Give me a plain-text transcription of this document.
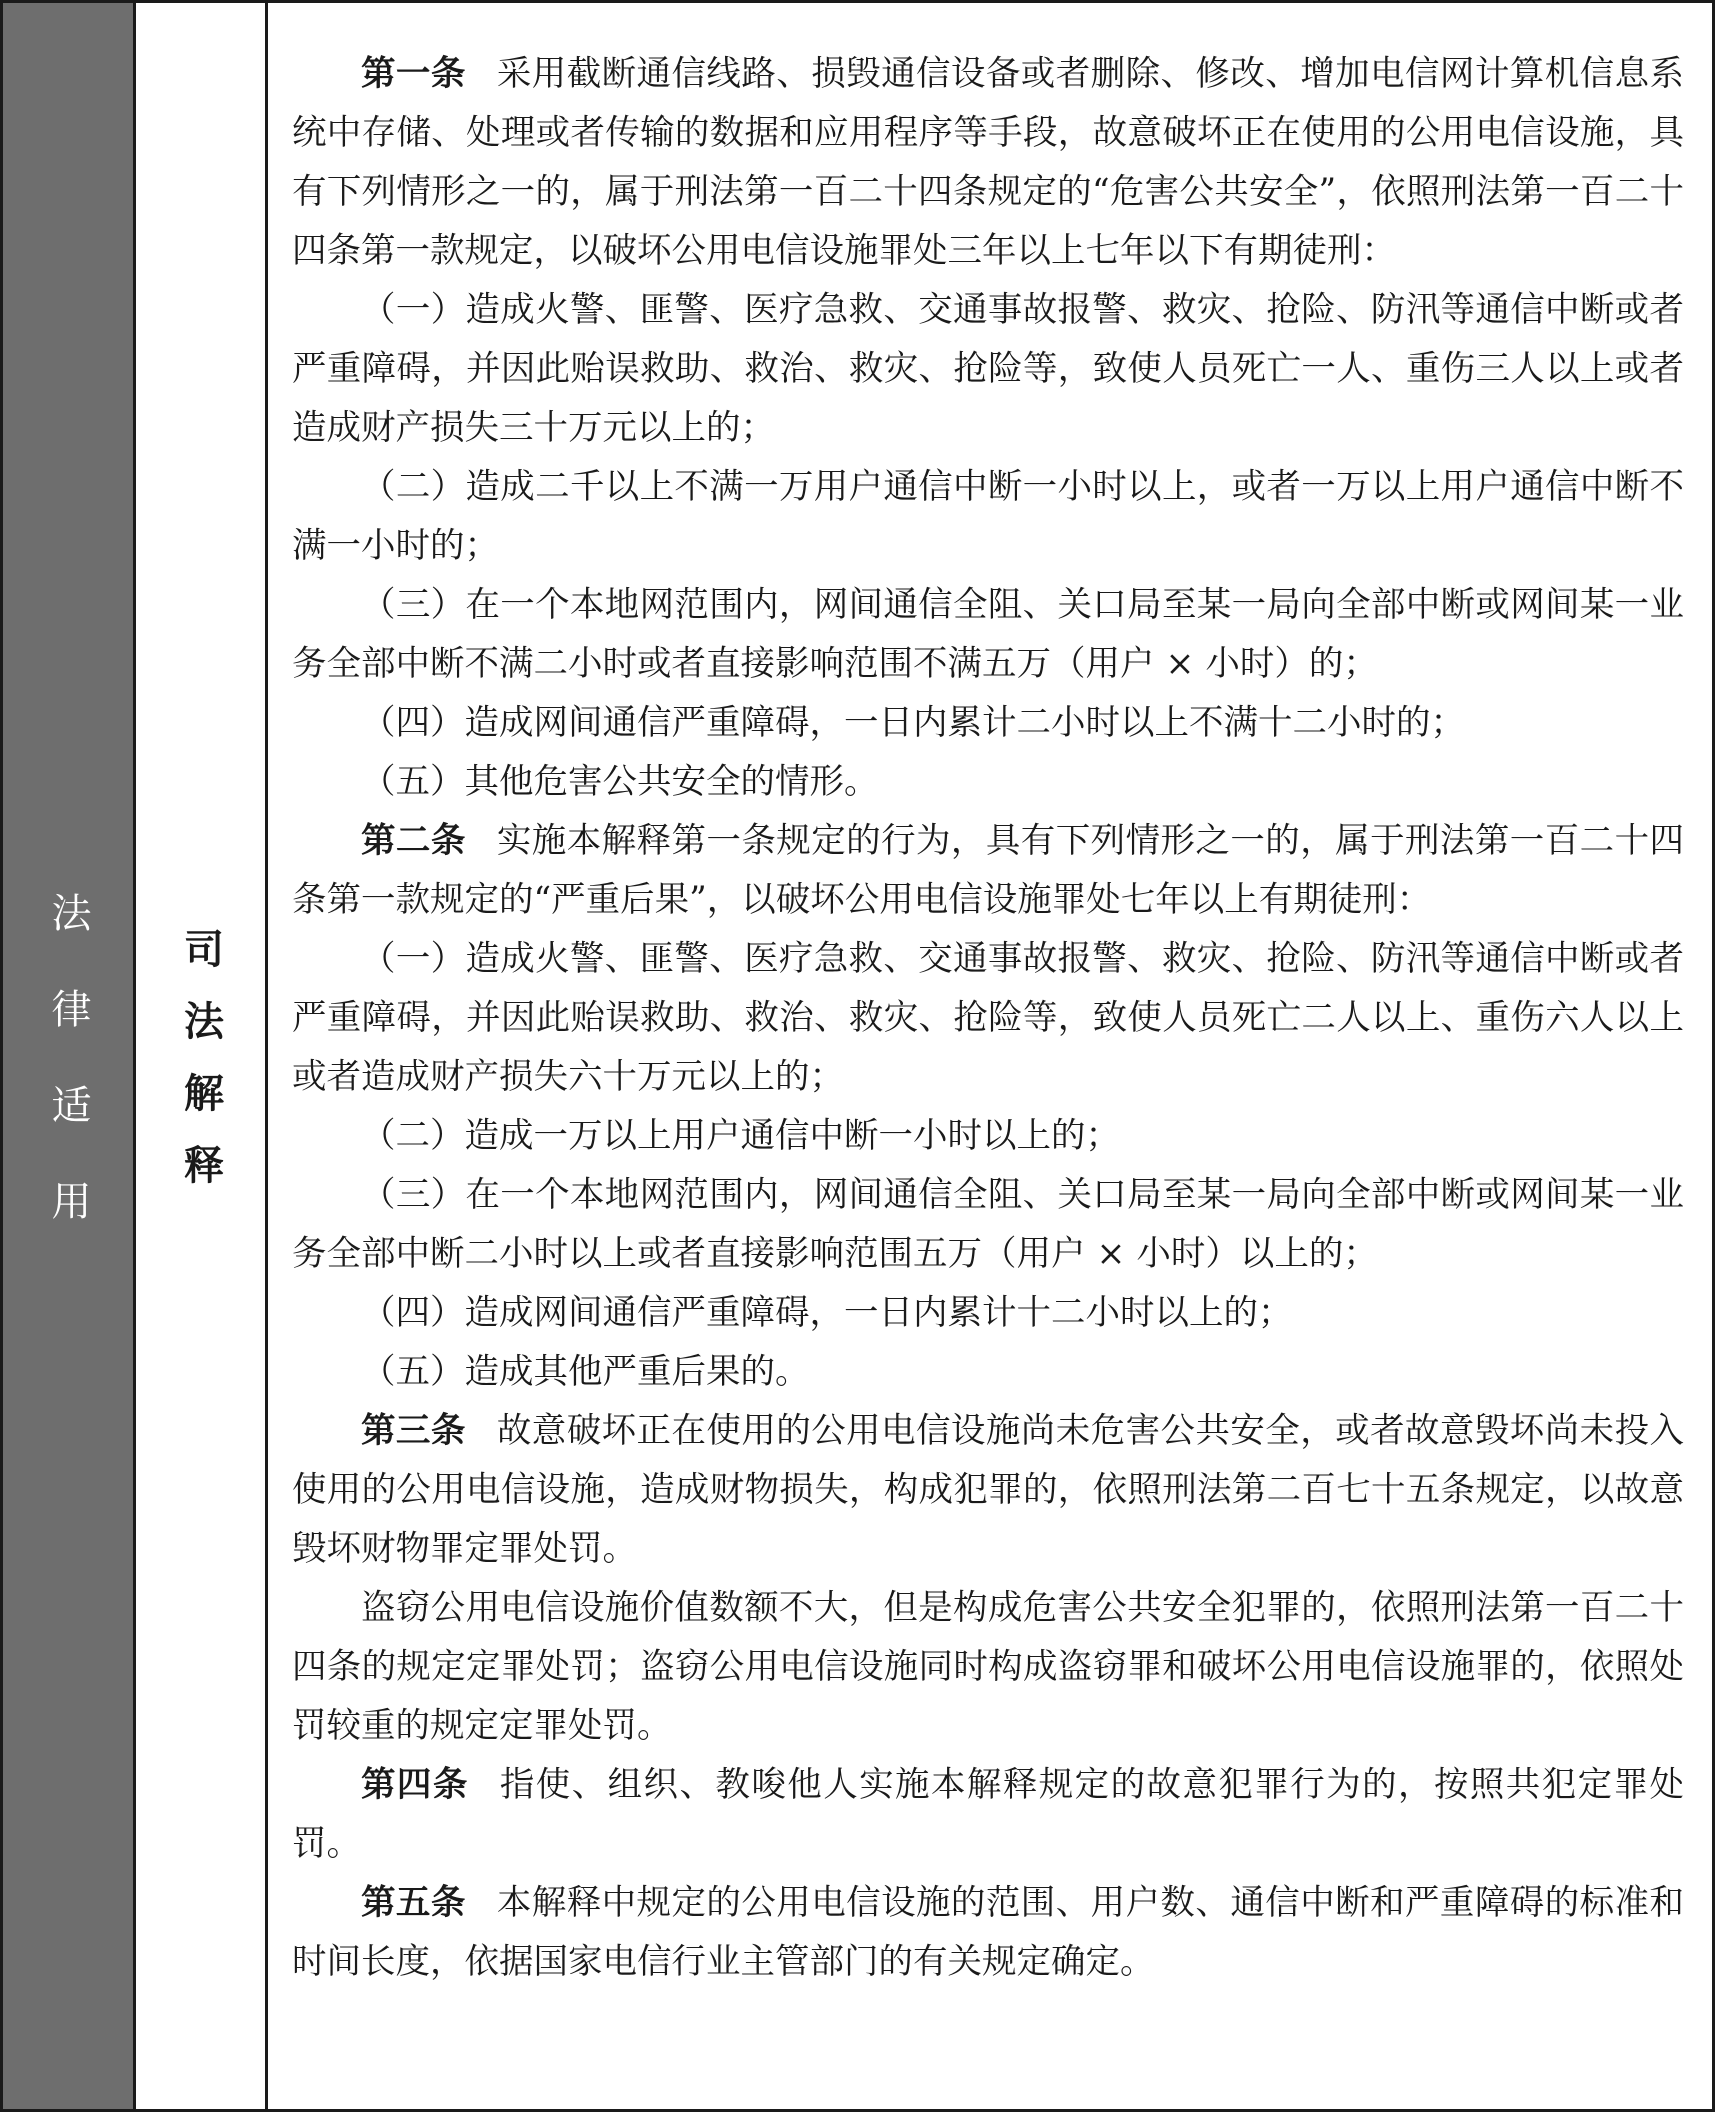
法律适用 司法解释

第一条 采用截断通信线路、损毁通信设备或者删除、修改、增加电信网计算机信息系统中存储、处理或者传输的数据和应用程序等手段，故意破坏正在使用的公用电信设施，具有下列情形之一的，属于刑法第一百二十四条规定的“危害公共安全”，依照刑法第一百二十四条第一款规定，以破坏公用电信设施罪处三年以上七年以下有期徒刑：

（一）造成火警、匪警、医疗急救、交通事故报警、救灾、抢险、防汛等通信中断或者严重障碍，并因此贻误救助、救治、救灾、抢险等，致使人员死亡一人、重伤三人以上或者造成财产损失三十万元以上的；

（二）造成二千以上不满一万用户通信中断一小时以上，或者一万以上用户通信中断不满一小时的；

（三）在一个本地网范围内，网间通信全阻、关口局至某一局向全部中断或网间某一业务全部中断不满二小时或者直接影响范围不满五万（用户 × 小时）的；

（四）造成网间通信严重障碍，一日内累计二小时以上不满十二小时的；

（五）其他危害公共安全的情形。

第二条 实施本解释第一条规定的行为，具有下列情形之一的，属于刑法第一百二十四条第一款规定的“严重后果”，以破坏公用电信设施罪处七年以上有期徒刑：

（一）造成火警、匪警、医疗急救、交通事故报警、救灾、抢险、防汛等通信中断或者严重障碍，并因此贻误救助、救治、救灾、抢险等，致使人员死亡二人以上、重伤六人以上或者造成财产损失六十万元以上的；

（二）造成一万以上用户通信中断一小时以上的；

（三）在一个本地网范围内，网间通信全阻、关口局至某一局向全部中断或网间某一业务全部中断二小时以上或者直接影响范围五万（用户 × 小时）以上的；

（四）造成网间通信严重障碍，一日内累计十二小时以上的；

（五）造成其他严重后果的。

第三条 故意破坏正在使用的公用电信设施尚未危害公共安全，或者故意毁坏尚未投入使用的公用电信设施，造成财物损失，构成犯罪的，依照刑法第二百七十五条规定，以故意毁坏财物罪定罪处罚。

盗窃公用电信设施价值数额不大，但是构成危害公共安全犯罪的，依照刑法第一百二十四条的规定定罪处罚；盗窃公用电信设施同时构成盗窃罪和破坏公用电信设施罪的，依照处罚较重的规定定罪处罚。

第四条 指使、组织、教唆他人实施本解释规定的故意犯罪行为的，按照共犯定罪处罚。

第五条 本解释中规定的公用电信设施的范围、用户数、通信中断和严重障碍的标准和时间长度，依据国家电信行业主管部门的有关规定确定。
